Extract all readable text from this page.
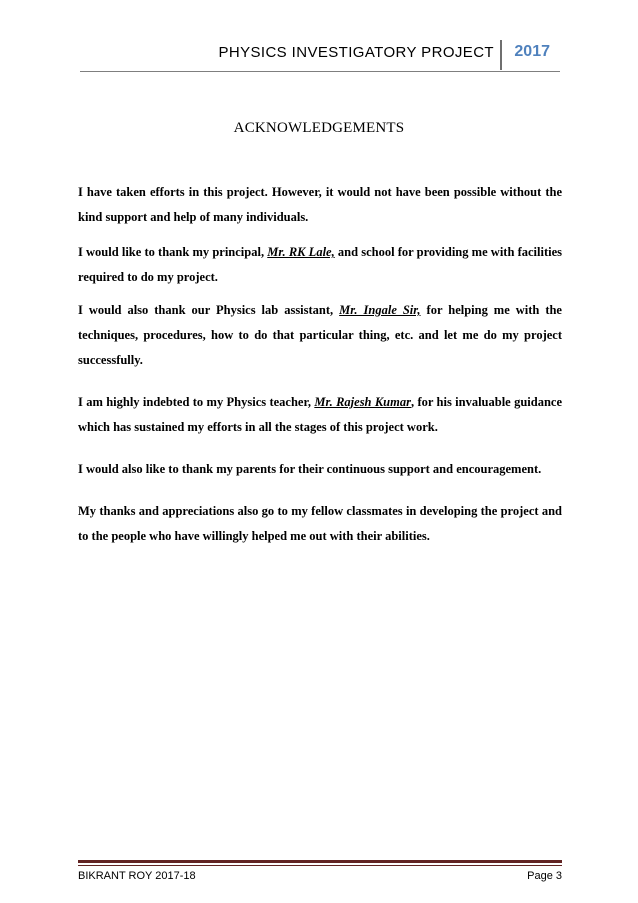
PHYSICS INVESTIGATORY PROJECT 2017
ACKNOWLEDGEMENTS

I have taken efforts in this project. However, it would not have been possible without the kind support and help of many individuals.

I would like to thank my principal, Mr. RK Lale, and school for providing me with facilities required to do my project.

I would also thank our Physics lab assistant, Mr. Ingale Sir, for helping me with the techniques, procedures, how to do that particular thing, etc. and let me do my project successfully.

I am highly indebted to my Physics teacher, Mr. Rajesh Kumar, for his invaluable guidance which has sustained my efforts in all the stages of this project work.

I would also like to thank my parents for their continuous support and encouragement.

My thanks and appreciations also go to my fellow classmates in developing the project and to the people who have willingly helped me out with their abilities.

BIKRANT ROY 2017-18	Page 3
